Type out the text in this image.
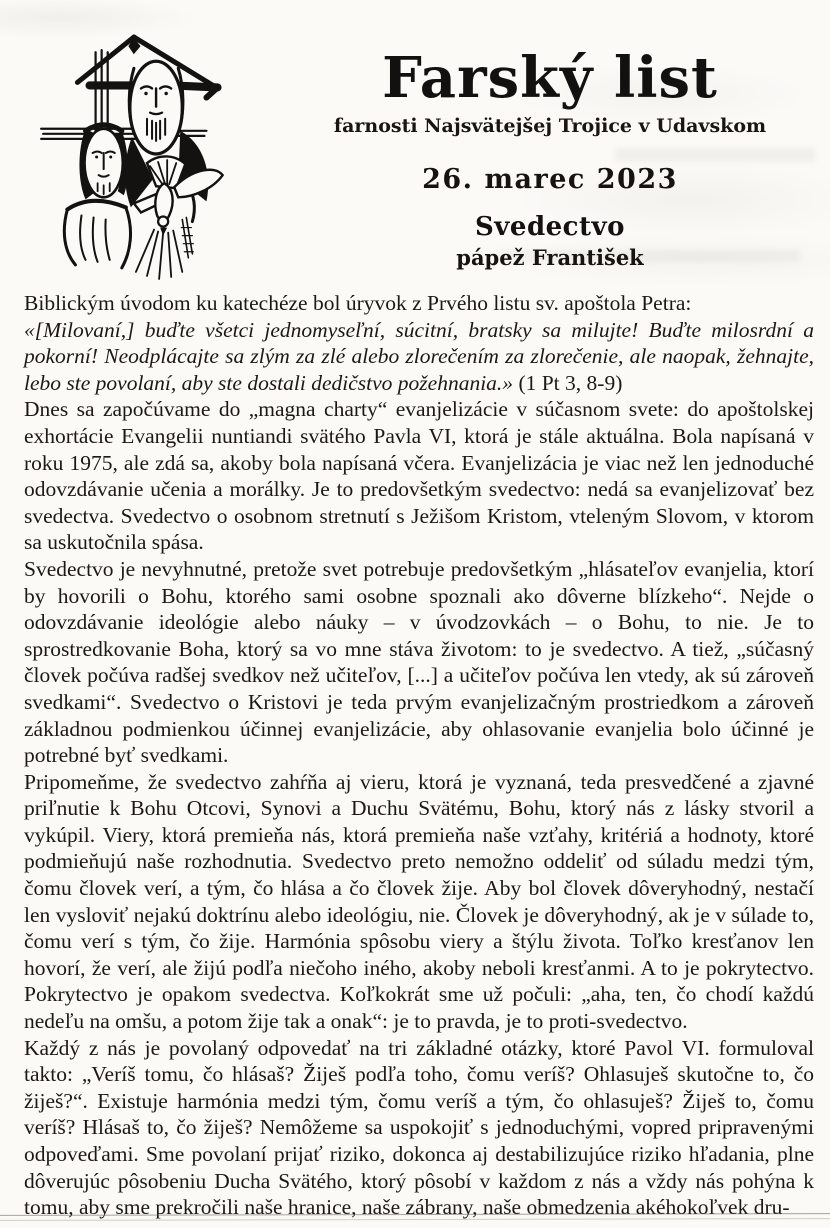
Farský list
farnosti Najsvätejšej Trojice v Udavskom
26. marec 2023
Svedectvo
pápež František

Biblickým úvodom ku katechéze bol úryvok z Prvého listu sv. apoštola Petra:

«[Milovaní,] buďte všetci jednomyseľní, súcitní, bratsky sa milujte! Buďte milosrdní a pokorní! Neodplácajte sa zlým za zlé alebo zlorečením za zlorečenie, ale naopak, žehnajte, lebo ste povolaní, aby ste dostali dedičstvo požehnania.» (1 Pt 3, 8-9)

Dnes sa započúvame do „magna charty“ evanjelizácie v súčasnom svete: do apoštolskej exhortácie Evangelii nuntiandi svätého Pavla VI, ktorá je stále aktuálna. Bola napísaná v roku 1975, ale zdá sa, akoby bola napísaná včera. Evanjelizácia je viac než len jednoduché odovzdávanie učenia a morálky. Je to predovšetkým svedectvo: nedá sa evanjelizovať bez svedectva. Svedectvo o osobnom stretnutí s Ježišom Kristom, vteleným Slovom, v ktorom sa uskutočnila spása.

Svedectvo je nevyhnutné, pretože svet potrebuje predovšetkým „hlásateľov evanjelia, ktorí by hovorili o Bohu, ktorého sami osobne spoznali ako dôverne blízkeho“. Nejde o odovzdávanie ideológie alebo náuky – v úvodzovkách – o Bohu, to nie. Je to sprostredkovanie Boha, ktorý sa vo mne stáva životom: to je svedectvo. A tiež, „súčasný človek počúva radšej svedkov než učiteľov, [...] a učiteľov počúva len vtedy, ak sú zároveň svedkami“. Svedectvo o Kristovi je teda prvým evanjelizačným prostriedkom a zároveň základnou podmienkou účinnej evanjelizácie, aby ohlasovanie evanjelia bolo účinné je potrebné byť svedkami.

Pripomeňme, že svedectvo zahŕňa aj vieru, ktorá je vyznaná, teda presvedčené a zjavné priľnutie k Bohu Otcovi, Synovi a Duchu Svätému, Bohu, ktorý nás z lásky stvoril a vykúpil. Viery, ktorá premieňa nás, ktorá premieňa naše vzťahy, kritériá a hodnoty, ktoré podmieňujú naše rozhodnutia. Svedectvo preto nemožno oddeliť od súladu medzi tým, čomu človek verí, a tým, čo hlása a čo človek žije. Aby bol človek dôveryhodný, nestačí len vysloviť nejakú doktrínu alebo ideológiu, nie. Človek je dôveryhodný, ak je v súlade to, čomu verí s tým, čo žije. Harmónia spôsobu viery a štýlu života. Toľko kresťanov len hovorí, že verí, ale žijú podľa niečoho iného, akoby neboli kresťanmi. A to je pokrytectvo. Pokrytectvo je opakom svedectva. Koľkokrát sme už počuli: „aha, ten, čo chodí každú nedeľu na omšu, a potom žije tak a onak“: je to pravda, je to proti-svedectvo.

Každý z nás je povolaný odpovedať na tri základné otázky, ktoré Pavol VI. formuloval takto: „Veríš tomu, čo hlásaš? Žiješ podľa toho, čomu veríš? Ohlasuješ skutočne to, čo žiješ?“. Existuje harmónia medzi tým, čomu veríš a tým, čo ohlasuješ? Žiješ to, čomu veríš? Hlásaš to, čo žiješ? Nemôžeme sa uspokojiť s jednoduchými, vopred pripravenými odpoveďami. Sme povolaní prijať riziko, dokonca aj destabilizujúce riziko hľadania, plne dôverujúc pôsobeniu Ducha Svätého, ktorý pôsobí v každom z nás a vždy nás pohýna k tomu, aby sme prekročili naše hranice, naše zábrany, naše obmedzenia akéhokoľvek dru-
